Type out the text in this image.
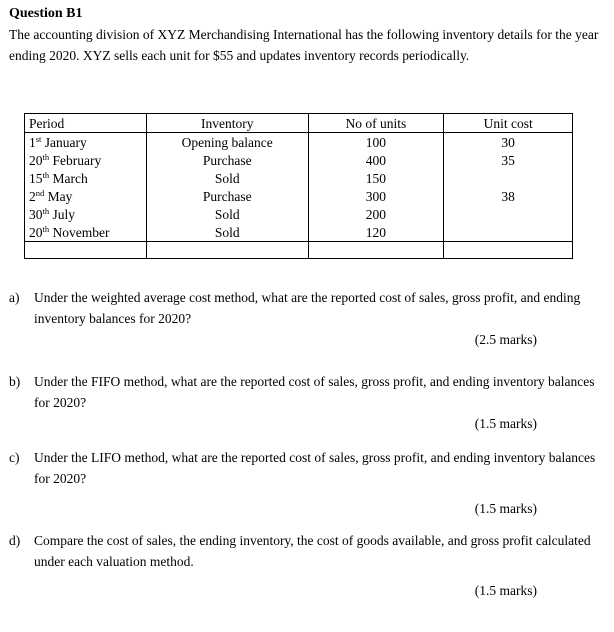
Question B1
The accounting division of XYZ Merchandising International has the following inventory details for the year ending 2020. XYZ sells each unit for $55 and updates inventory records periodically.
Period	Inventory	No of units	Unit cost
1st January	Opening balance	100	30
20th February	Purchase	400	35
15th March	Sold	150	
2nd May	Purchase	300	38
30th July	Sold	200	
20th November	Sold	120	

a) Under the weighted average cost method, what are the reported cost of sales, gross profit, and ending inventory balances for 2020?
(2.5 marks)
b) Under the FIFO method, what are the reported cost of sales, gross profit, and ending inventory balances for 2020?
(1.5 marks)
c) Under the LIFO method, what are the reported cost of sales, gross profit, and ending inventory balances for 2020?
(1.5 marks)
d) Compare the cost of sales, the ending inventory, the cost of goods available, and gross profit calculated under each valuation method.
(1.5 marks)
